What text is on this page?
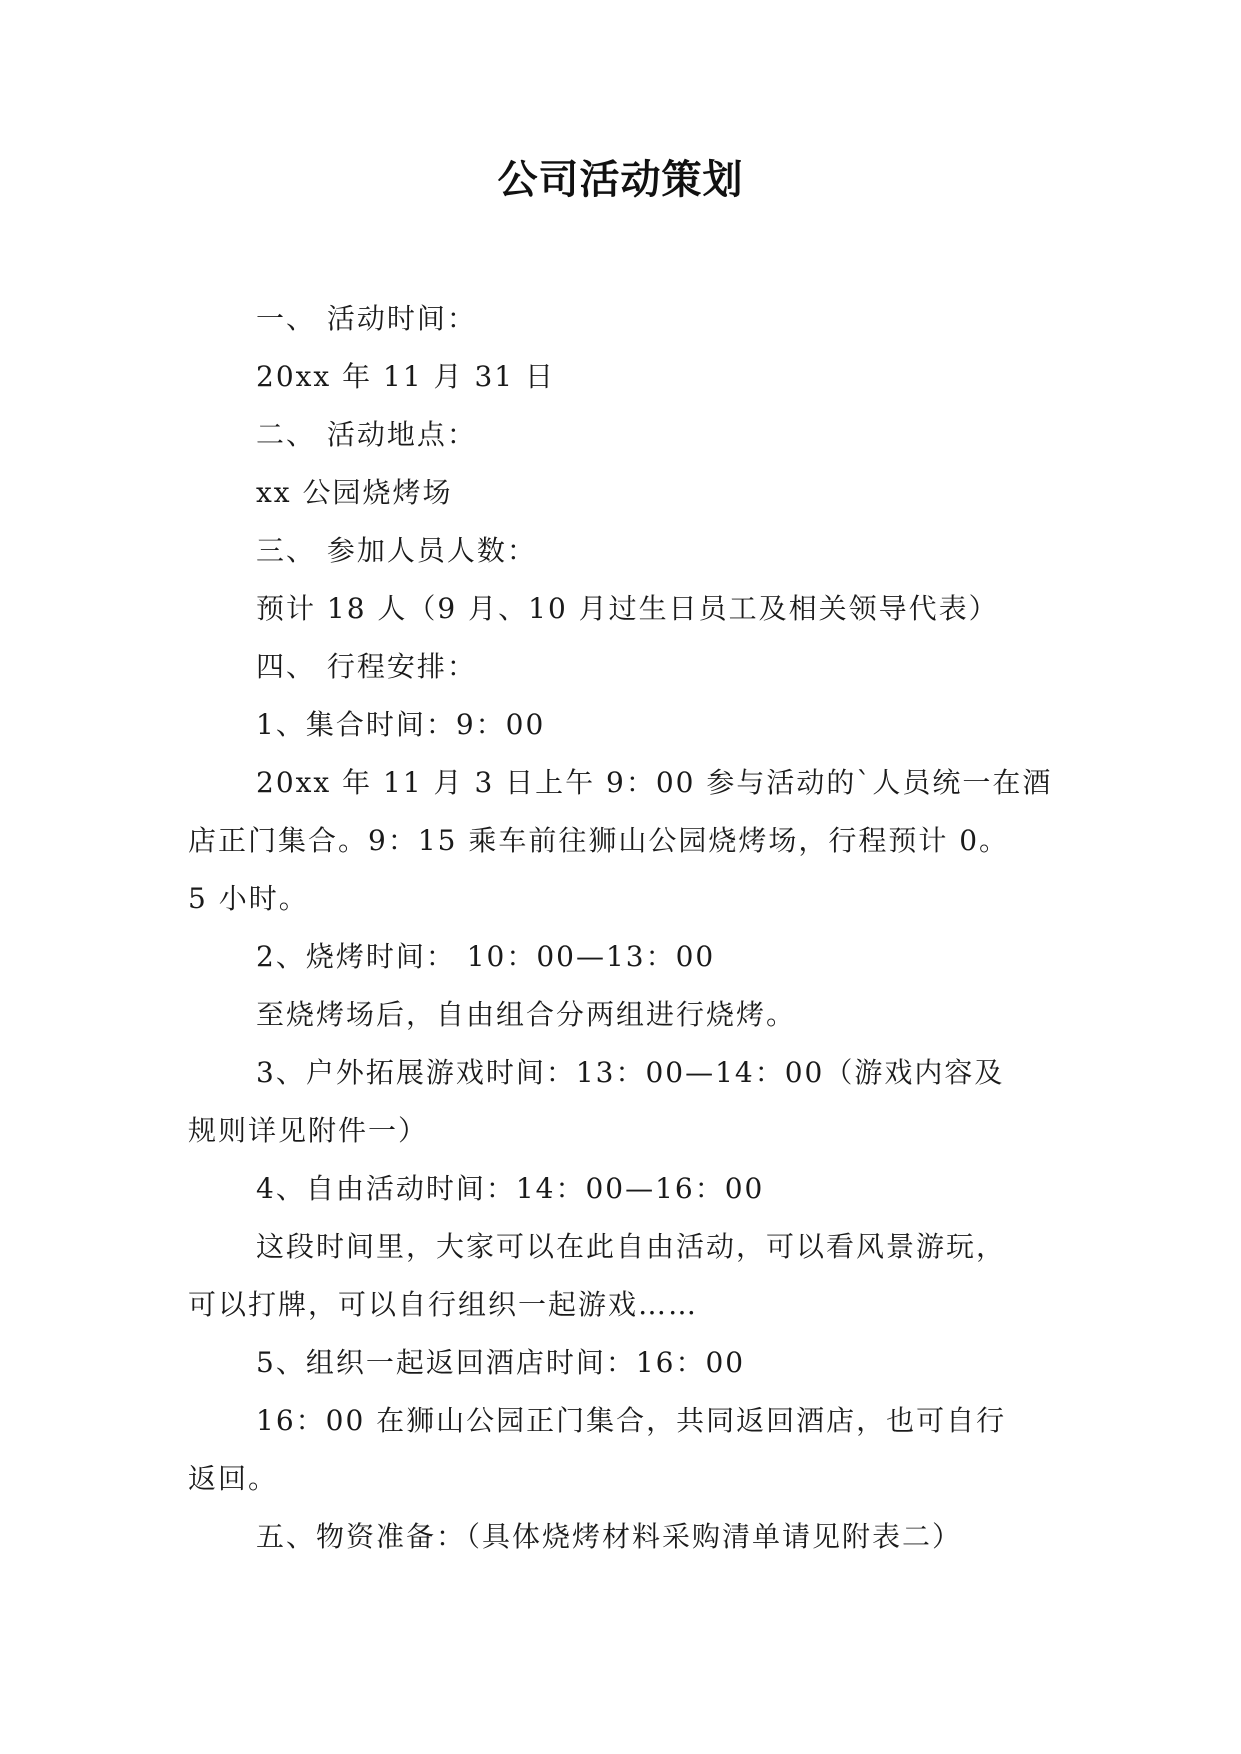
公司活动策划
一、 活动时间：
20xx 年 11 月 31 日
二、 活动地点：
xx 公园烧烤场
三、 参加人员人数：
预计 18 人（9 月、10 月过生日员工及相关领导代表）
四、 行程安排：
1、集合时间：9：00
20xx 年 11 月 3 日上午 9：00 参与活动的`人员统一在酒
店正门集合。9：15 乘车前往狮山公园烧烤场，行程预计 0。
5 小时。
2、烧烤时间： 10：00—13：00
至烧烤场后，自由组合分两组进行烧烤。
3、户外拓展游戏时间：13：00—14：00（游戏内容及
规则详见附件一）
4、自由活动时间：14：00—16：00
这段时间里，大家可以在此自由活动，可以看风景游玩，
可以打牌，可以自行组织一起游戏……
5、组织一起返回酒店时间：16：00
16：00 在狮山公园正门集合，共同返回酒店，也可自行
返回。
五、物资准备：（具体烧烤材料采购清单请见附表二）
